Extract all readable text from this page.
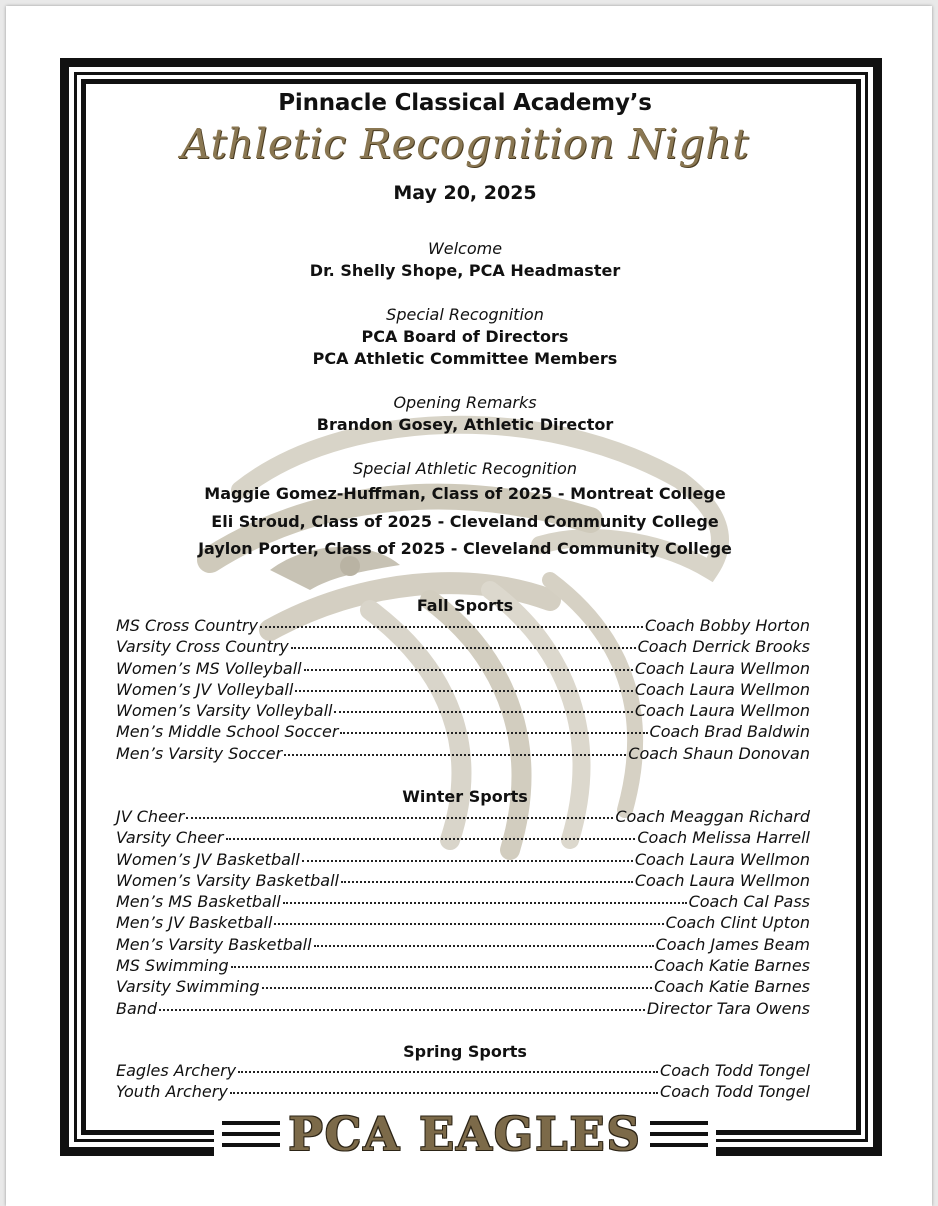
Pinnacle Classical Academy’s
Athletic Recognition Night
May 20, 2025
Welcome
Dr. Shelly Shope, PCA Headmaster
Special Recognition
PCA Board of Directors
PCA Athletic Committee Members
Opening Remarks
Brandon Gosey, Athletic Director
Special Athletic Recognition
Maggie Gomez-Huffman, Class of 2025 - Montreat College
Eli Stroud, Class of 2025 - Cleveland Community College
Jaylon Porter, Class of 2025 - Cleveland Community College
Fall Sports
MS Cross Country	Coach Bobby Horton
Varsity Cross Country	Coach Derrick Brooks
Women’s MS Volleyball	Coach Laura Wellmon
Women’s JV Volleyball	Coach Laura Wellmon
Women’s Varsity Volleyball	Coach Laura Wellmon
Men’s Middle School Soccer	Coach Brad Baldwin
Men’s Varsity Soccer	Coach Shaun Donovan
Winter Sports
JV Cheer	Coach Meaggan Richard
Varsity Cheer	Coach Melissa Harrell
Women’s JV Basketball	Coach Laura Wellmon
Women’s Varsity Basketball	Coach Laura Wellmon
Men’s MS Basketball	Coach Cal Pass
Men’s JV Basketball	Coach Clint Upton
Men’s Varsity Basketball	Coach James Beam
MS Swimming	Coach Katie Barnes
Varsity Swimming	Coach Katie Barnes
Band	Director Tara Owens
Spring Sports
Eagles Archery	Coach Todd Tongel
Youth Archery	Coach Todd Tongel
PCA EAGLES
